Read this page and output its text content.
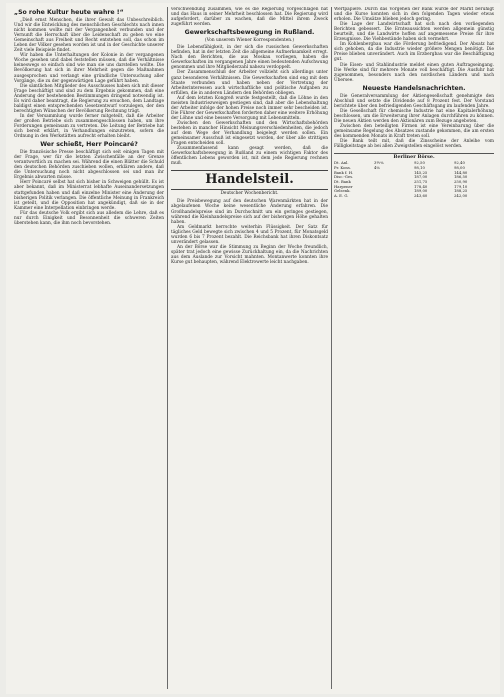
„So rohe Kultur heute wahre !“

„Dieß ernst Menschen, die ihrer Gewalt das Unbeschreiblich. Und wir die Entwicklung des menschlichen Geschlechts nach innen nicht kommen wollte mit der Vergangenheit verbunden und der Vernunft die Herrschaft über die Leidenschaft zu geben wo eine Gemeinschaft aus Freiheit und Recht entstehen soll, das schon im Leben der Völker gesehen worden ist und in der Geschichte unserer Zeit viele Beispiele findet.

Wir haben die Unterhaltungen der Kolonie in der vergangenen Woche gesehen und dabei feststellen müssen, daß die Verhältnisse keineswegs so einfach sind wie man sie uns darstellen wollte. Die Bevölkerung hat sich in ihrer Mehrheit gegen die Maßnahmen ausgesprochen und verlangt eine gründliche Untersuchung aller Vorgänge, die zu der gegenwärtigen Lage geführt haben.

Die sämtlichen Mitglieder des Ausschusses haben sich mit dieser Frage beschäftigt und sind zu dem Ergebnis gekommen, daß eine Änderung der bestehenden Bestimmungen dringend notwendig ist. Es wird daher beantragt, die Regierung zu ersuchen, dem Landtage baldigst einen entsprechenden Gesetzentwurf vorzulegen, der den berechtigten Wünschen der Bevölkerung Rechnung trägt.

In der Versammlung wurde ferner mitgeteilt, daß die Arbeiter der großen Betriebe sich zusammengeschlossen haben, um ihre Forderungen gemeinsam zu vertreten. Die Leitung der Betriebe hat sich bereit erklärt, in Verhandlungen einzutreten, sofern die Ordnung in den Werkstätten aufrecht erhalten bleibt.

Wer schießt, Herr Poincaré?

Die französische Presse beschäftigt sich seit einigen Tagen mit der Frage, wer für die letzten Zwischenfälle an der Grenze verantwortlich zu machen sei. Während die einen Blätter die Schuld den deutschen Behörden zuschieben wollen, erklären andere, daß die Untersuchung noch nicht abgeschlossen sei und man ihr Ergebnis abwarten müsse.

Herr Poincaré selbst hat sich bisher in Schweigen gehüllt. Es ist aber bekannt, daß im Ministerrat lebhafte Auseinandersetzungen stattgefunden haben und daß einzelne Minister eine Änderung der bisherigen Politik verlangen. Die öffentliche Meinung in Frankreich ist geteilt, und die Opposition hat angekündigt, daß sie in der Kammer eine Interpellation einbringen werde.

Für das deutsche Volk ergibt sich aus alledem die Lehre, daß es nur durch Einigkeit und Besonnenheit die schweren Zeiten überstehen kann, die ihm noch bevorstehen.

verschwendung zusammen, wie es die Regierung vorgeschlagen hat und das Haus in seiner Mehrheit beschlossen hat. Die Regierung wird aufgefordert, darüber zu wachen, daß die Mittel ihrem Zweck zugeführt werden.

Gewerkschaftsbewegung in Rußland.
(Von unserem Wiener Korrespondenten.)

Die Lebensfähigkeit, in der sich die russischen Gewerkschaften befinden, hat in der letzten Zeit die allgemeine Aufmerksamkeit erregt. Nach den Berichten, die aus Moskau vorliegen, haben die Gewerkschaften im vergangenen Jahre einen bedeutenden Aufschwung genommen und ihre Mitgliederzahl nahezu verdoppelt.

Der Zusammenschluß der Arbeiter vollzieht sich allerdings unter ganz besonderen Verhältnissen. Die Gewerkschaften sind eng mit dem Staate verbunden und haben neben der Vertretung der Arbeiterinteressen auch wirtschaftliche und politische Aufgaben zu erfüllen, die in anderen Ländern den Behörden obliegen.

Auf dem letzten Kongreß wurde festgestellt, daß die Löhne in den meisten Industriezweigen gestiegen sind, daß aber die Lebenshaltung der Arbeiter infolge der hohen Preise noch immer sehr bescheiden ist. Die Führer der Gewerkschaften forderten daher eine weitere Erhöhung der Löhne und eine bessere Versorgung mit Lebensmitteln.

Zwischen den Gewerkschaften und den Wirtschaftsbehörden bestehen in mancher Hinsicht Meinungsverschiedenheiten, die jedoch auf dem Wege der Verhandlung beigelegt werden sollen. Ein gemeinsamer Ausschuß ist eingesetzt worden, der über alle strittigen Fragen entscheiden soll.

Zusammenfassend kann gesagt werden, daß die Gewerkschaftsbewegung in Rußland zu einem wichtigen Faktor des öffentlichen Lebens geworden ist, mit dem jede Regierung rechnen muß.

Handelsteil.
Deutscher Wochenbericht.

Die Preisbewegung auf den deutschen Warenmärkten hat in der abgelaufenen Woche keine wesentliche Änderung erfahren. Die Großhandelspreise sind im Durchschnitt um ein geringes gestiegen, während die Kleinhandelspreise sich auf der bisherigen Höhe gehalten haben.

Am Geldmarkt herrschte weiterhin Flüssigkeit. Der Satz für tägliches Geld bewegte sich zwischen 4 und 5 Prozent, für Monatsgeld wurden 6 bis 7 Prozent bezahlt. Die Reichsbank hat ihren Diskontsatz unverändert gelassen.

An der Börse war die Stimmung zu Beginn der Woche freundlich, später trat jedoch eine gewisse Zurückhaltung ein, da die Nachrichten aus dem Auslande zur Vorsicht mahnten. Montanwerte konnten ihre Kurse gut behaupten, während Elektrowerte leicht nachgaben.

Wertpapiere. Durch das Vorgehen der Bank wurde der Markt beruhigt und die Kurse konnten sich in den folgenden Tagen wieder etwas erholen. Die Umsätze blieben jedoch gering.

Die Lage der Landwirtschaft hat sich nach den vorliegenden Berichten gebessert. Die Ernteaussichten werden allgemein günstig beurteilt, und die Landwirte hoffen auf angemessene Preise für ihre Erzeugnisse. Die Viehbestände haben sich vermehrt.

Im Kohlenbergbau war die Förderung befriedigend. Der Absatz hat sich gehoben, da die Industrie wieder größere Mengen benötigt. Die Preise blieben unverändert. Auch im Erzbergbau war die Beschäftigung gut.

Die Eisen- und Stahlindustrie meldet einen guten Auftragseingang. Die Werke sind für mehrere Monate voll beschäftigt. Die Ausfuhr hat zugenommen, besonders nach den nordischen Ländern und nach Übersee.

Neueste Handelsnachrichten.

Die Generalversammlung der Aktiengesellschaft genehmigte den Abschluß und setzte die Dividende auf 8 Prozent fest. Der Vorstand berichtete über den befriedigenden Geschäftsgang im laufenden Jahre.

Die Gesellschaft für chemische Industrie hat eine Kapitalerhöhung beschlossen, um die Erweiterung ihrer Anlagen durchführen zu können. Die neuen Aktien werden den Aktionären zum Bezuge angeboten.

Zwischen den beteiligten Firmen ist eine Vereinbarung über die gemeinsame Regelung des Absatzes zustande gekommen, die am ersten des kommenden Monats in Kraft treten soll.

Die Bank teilt mit, daß die Zinsscheine der Anleihe vom Fälligkeitstage ab bei allen Zweigstellen eingelöst werden.

Berliner Börse.
Dt. Anl.	3½%	92,50	92,40
Pr. Kons.	4%	98,10	98,00
Bank f. H.	145,25	144,80
Disc.-Ges.	187,00	186,50
Dt. Bank	251,75	250,90
Harpener	178,40	179,10
Gelsenk.	189,00	188,25
A. E. G.	243,60	242,00
